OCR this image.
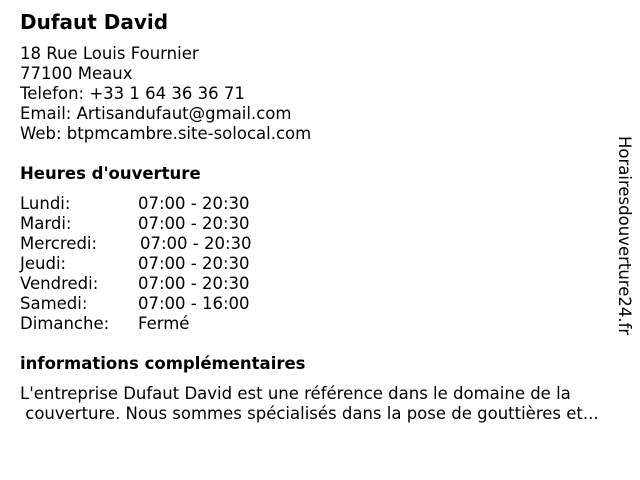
Dufaut David
18 Rue Louis Fournier
77100 Meaux
Telefon: +33 1 64 36 36 71
Email: Artisandufaut@gmail.com
Web: btpmcambre.site-solocal.com
Heures d'ouverture
Lundi:	07:00 - 20:30
Mardi:	07:00 - 20:30
Mercredi:	07:00 - 20:30
Jeudi:	07:00 - 20:30
Vendredi: 07:00 - 20:30
Samedi:	07:00 - 16:00
Dimanche: Fermé
informations complémentaires
L'entreprise Dufaut David est une référence dans le domaine de la
couverture. Nous sommes spécialisés dans la pose de gouttières et...
Horairesdouverture24.fr
